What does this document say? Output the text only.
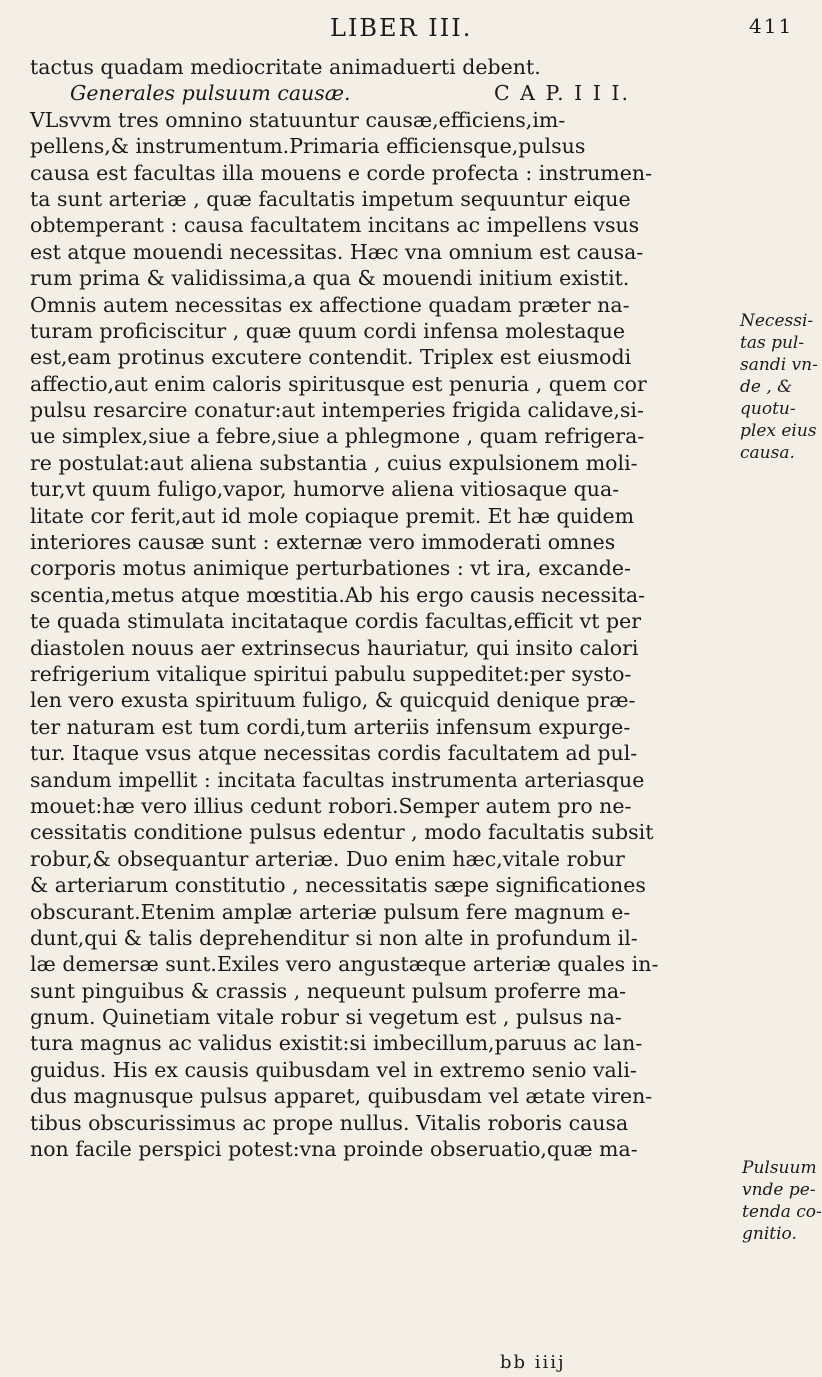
LIBER III.	411
tactus quadam mediocritate animaduerti debent.
Generales pulsuum causæ.	C A P. I I I.
VLsvvm tres omnino statuuntur causæ,efficiens,im-
pellens,& instrumentum.Primaria efficiensque,pulsus
causa est facultas illa mouens e corde profecta : instrumen-
ta sunt arteriæ , quæ facultatis impetum sequuntur eique
obtemperant : causa facultatem incitans ac impellens vsus
est atque mouendi necessitas. Hæc vna omnium est causa-
rum prima & validissima,a qua & mouendi initium existit.
Omnis autem necessitas ex affectione quadam præter na-
turam proficiscitur , quæ quum cordi infensa molestaque
est,eam protinus excutere contendit. Triplex est eiusmodi
affectio,aut enim caloris spiritusque est penuria , quem cor
pulsu resarcire conatur:aut intemperies frigida calidave,si-
ue simplex,siue a febre,siue a phlegmone , quam refrigera-
re postulat:aut aliena substantia , cuius expulsionem moli-
tur,vt quum fuligo,vapor, humorve aliena vitiosaque qua-
litate cor ferit,aut id mole copiaque premit. Et hæ quidem
interiores causæ sunt : externæ vero immoderati omnes
corporis motus animique perturbationes : vt ira, excande-
scentia,metus atque mœstitia.Ab his ergo causis necessita-
te quada stimulata incitataque cordis facultas,efficit vt per
diastolen nouus aer extrinsecus hauriatur, qui insito calori
refrigerium vitalique spiritui pabulu suppeditet:per systo-
len vero exusta spirituum fuligo, & quicquid denique præ-
ter naturam est tum cordi,tum arteriis infensum expurge-
tur. Itaque vsus atque necessitas cordis facultatem ad pul-
sandum impellit : incitata facultas instrumenta arteriasque
mouet:hæ vero illius cedunt robori.Semper autem pro ne-
cessitatis conditione pulsus edentur , modo facultatis subsit
robur,& obsequantur arteriæ. Duo enim hæc,vitale robur
& arteriarum constitutio , necessitatis sæpe significationes
obscurant.Etenim amplæ arteriæ pulsum fere magnum e-
dunt,qui & talis deprehenditur si non alte in profundum il-
læ demersæ sunt.Exiles vero angustæque arteriæ quales in-
sunt pinguibus & crassis , nequeunt pulsum proferre ma-
gnum. Quinetiam vitale robur si vegetum est , pulsus na-
tura magnus ac validus existit:si imbecillum,paruus ac lan-
guidus. His ex causis quibusdam vel in extremo senio vali-
dus magnusque pulsus apparet, quibusdam vel ætate viren-
tibus obscurissimus ac prope nullus. Vitalis roboris causa
non facile perspici potest:vna proinde obseruatio,quæ ma-
Necessi-
tas pul-
sandi vn-
de , &
quotu-
plex eius
causa.
Pulsuum
vnde pe-
tenda co-
gnitio.
bb iiij
